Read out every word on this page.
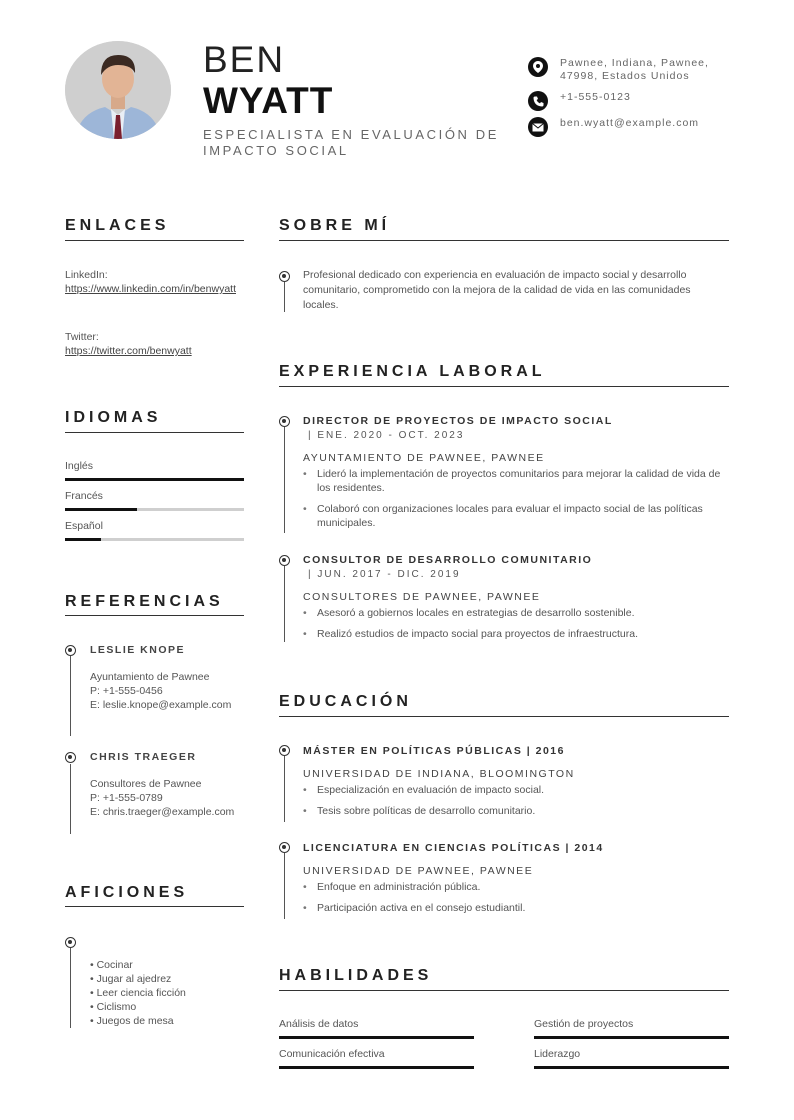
BEN
WYATT
ESPECIALISTA EN EVALUACIÓN DE IMPACTO SOCIAL
Pawnee, Indiana, Pawnee, 47998, Estados Unidos
+1-555-0123
ben.wyatt@example.com
ENLACES
LinkedIn:
https://www.linkedin.com/in/benwyatt
Twitter:
https://twitter.com/benwyatt
IDIOMAS
Inglés
Francés
Español
REFERENCIAS
LESLIE KNOPE
Ayuntamiento de Pawnee
P: +1-555-0456
E: leslie.knope@example.com
CHRIS TRAEGER
Consultores de Pawnee
P: +1-555-0789
E: chris.traeger@example.com
AFICIONES
• Cocinar
• Jugar al ajedrez
• Leer ciencia ficción
• Ciclismo
• Juegos de mesa
SOBRE MÍ
Profesional dedicado con experiencia en evaluación de impacto social y desarrollo comunitario, comprometido con la mejora de la calidad de vida en las comunidades locales.
EXPERIENCIA LABORAL
DIRECTOR DE PROYECTOS DE IMPACTO SOCIAL
| ENE. 2020 - OCT. 2023
AYUNTAMIENTO DE PAWNEE, PAWNEE
• Lideró la implementación de proyectos comunitarios para mejorar la calidad de vida de los residentes.
• Colaboró con organizaciones locales para evaluar el impacto social de las políticas municipales.
CONSULTOR DE DESARROLLO COMUNITARIO
| JUN. 2017 - DIC. 2019
CONSULTORES DE PAWNEE, PAWNEE
• Asesoró a gobiernos locales en estrategias de desarrollo sostenible.
• Realizó estudios de impacto social para proyectos de infraestructura.
EDUCACIÓN
MÁSTER EN POLÍTICAS PÚBLICAS | 2016
UNIVERSIDAD DE INDIANA, BLOOMINGTON
• Especialización en evaluación de impacto social.
• Tesis sobre políticas de desarrollo comunitario.
LICENCIATURA EN CIENCIAS POLÍTICAS | 2014
UNIVERSIDAD DE PAWNEE, PAWNEE
• Enfoque en administración pública.
• Participación activa en el consejo estudiantil.
HABILIDADES
Análisis de datos	Gestión de proyectos
Comunicación efectiva	Liderazgo
